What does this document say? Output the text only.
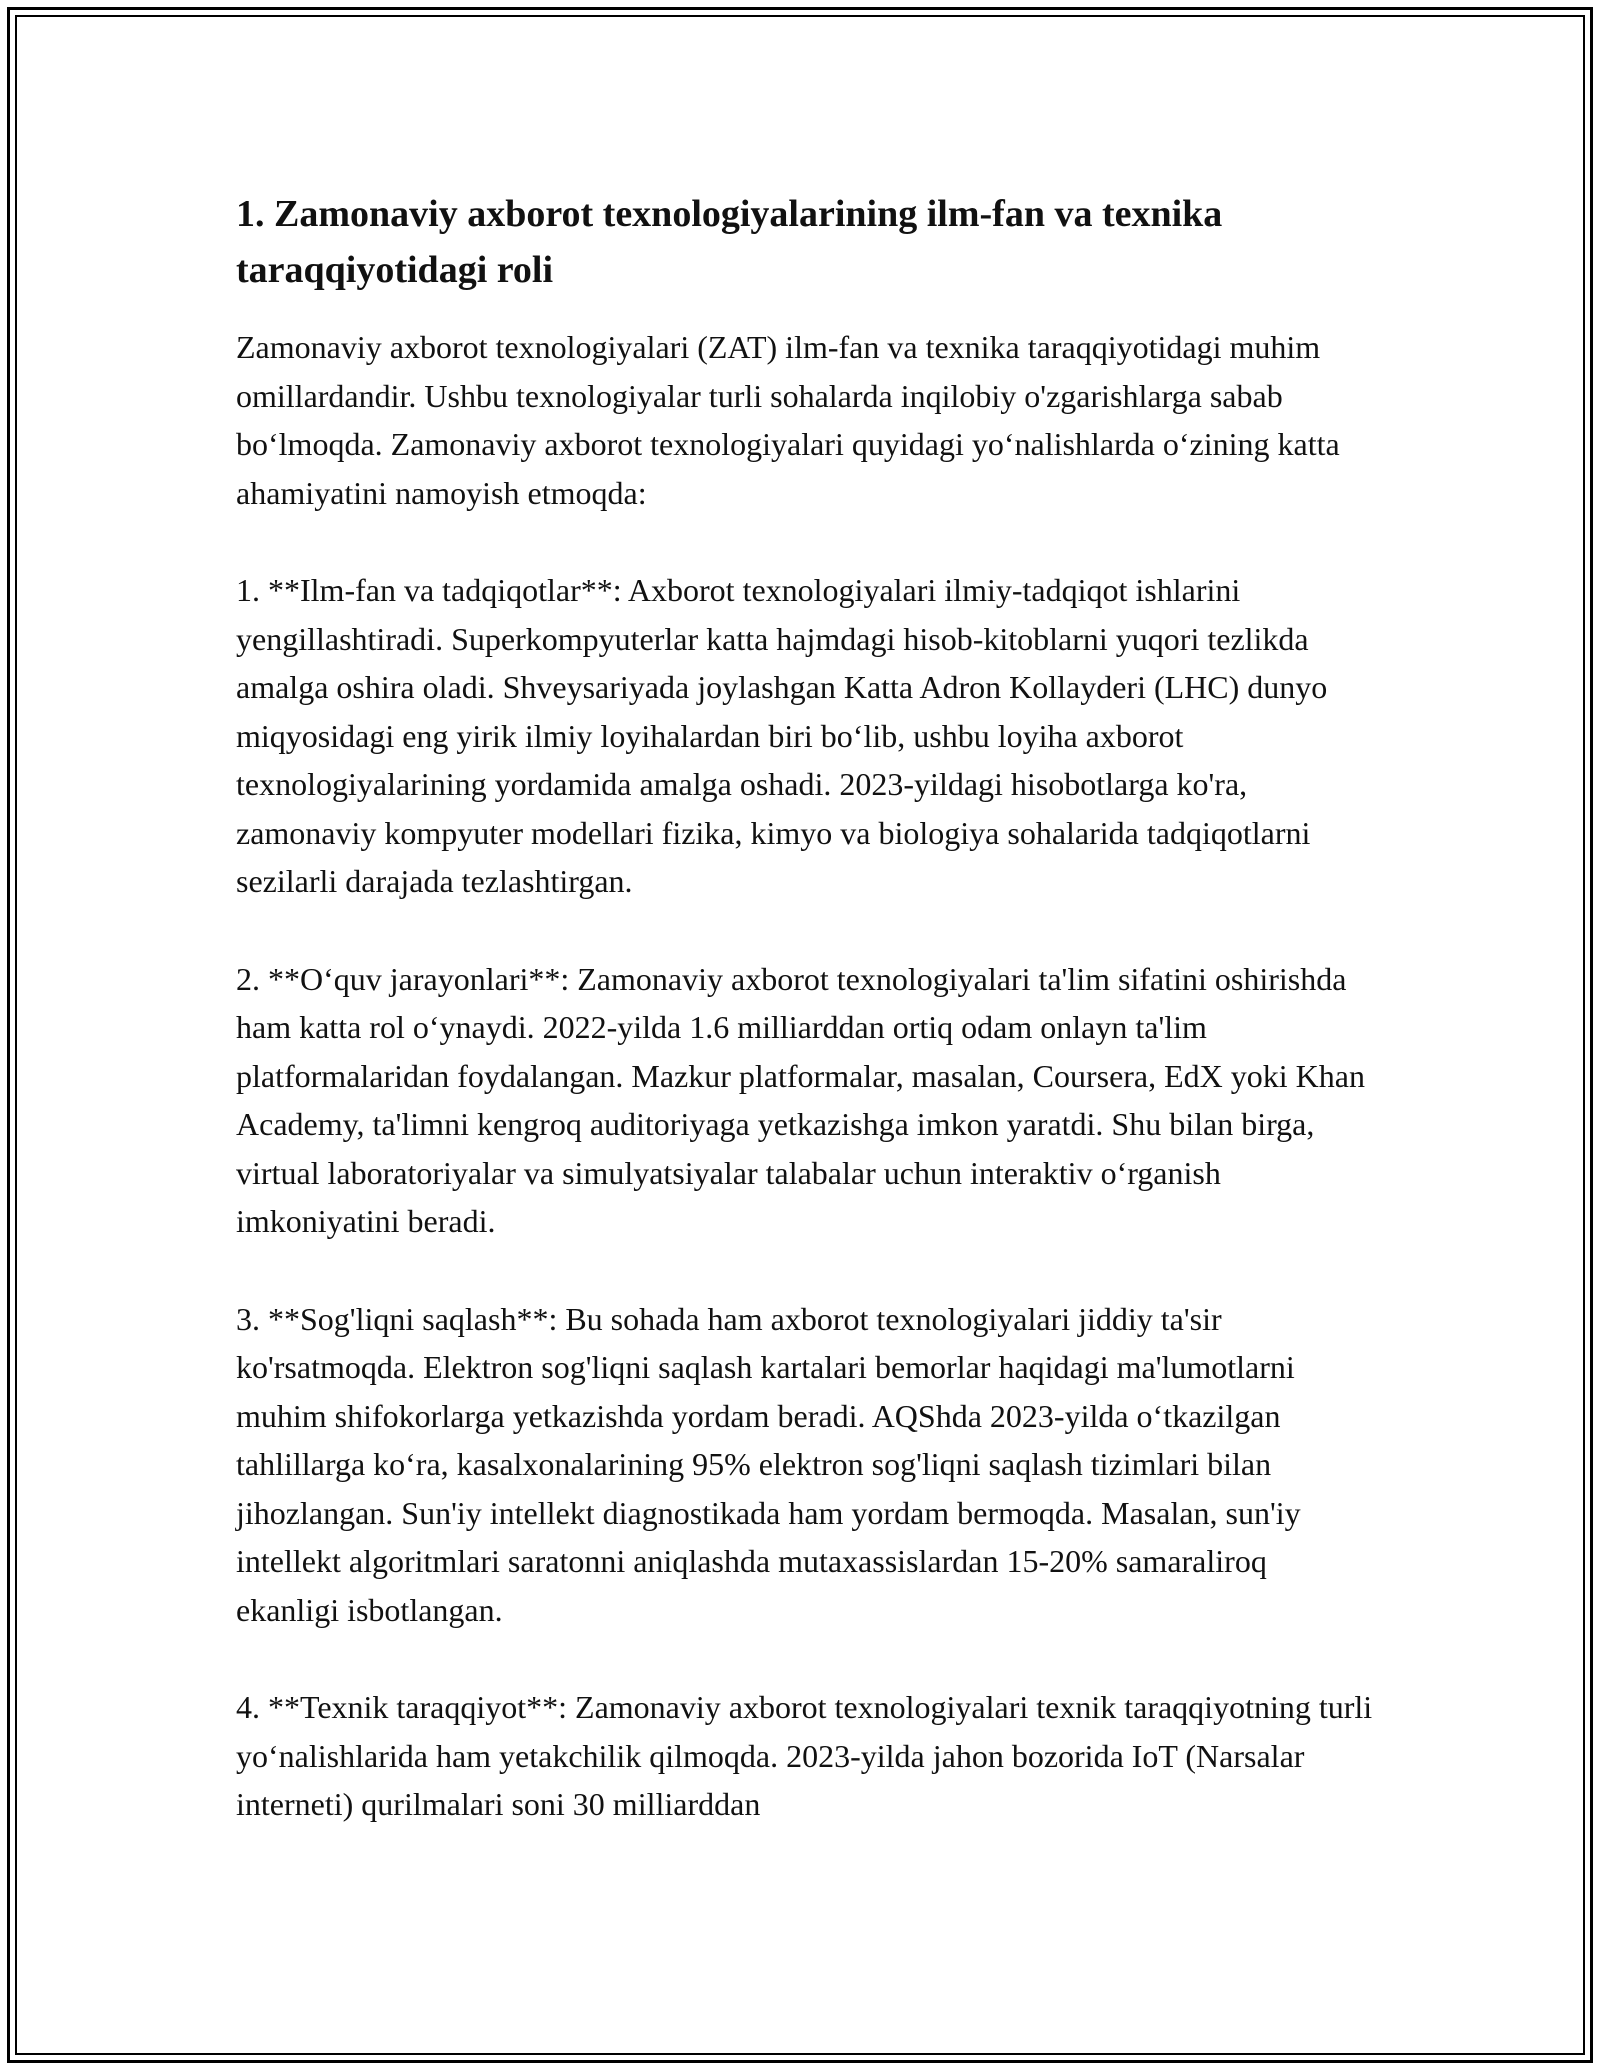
1. Zamonaviy axborot texnologiyalarining ilm-fan va texnika taraqqiyotidagi roli

Zamonaviy axborot texnologiyalari (ZAT) ilm-fan va texnika taraqqiyotidagi muhim omillardandir. Ushbu texnologiyalar turli sohalarda inqilobiy o'zgarishlarga sabab bo‘lmoqda. Zamonaviy axborot texnologiyalari quyidagi yo‘nalishlarda o‘zining katta ahamiyatini namoyish etmoqda:

1. **Ilm-fan va tadqiqotlar**: Axborot texnologiyalari ilmiy-tadqiqot ishlarini yengillashtiradi. Superkompyuterlar katta hajmdagi hisob-kitoblarni yuqori tezlikda amalga oshira oladi. Shveysariyada joylashgan Katta Adron Kollayderi (LHC) dunyo miqyosidagi eng yirik ilmiy loyihalardan biri bo‘lib, ushbu loyiha axborot texnologiyalarining yordamida amalga oshadi. 2023-yildagi hisobotlarga ko'ra, zamonaviy kompyuter modellari fizika, kimyo va biologiya sohalarida tadqiqotlarni sezilarli darajada tezlashtirgan.

2. **O‘quv jarayonlari**: Zamonaviy axborot texnologiyalari ta'lim sifatini oshirishda ham katta rol o‘ynaydi. 2022-yilda 1.6 milliarddan ortiq odam onlayn ta'lim platformalaridan foydalangan. Mazkur platformalar, masalan, Coursera, EdX yoki Khan Academy, ta'limni kengroq auditoriyaga yetkazishga imkon yaratdi. Shu bilan birga, virtual laboratoriyalar va simulyatsiyalar talabalar uchun interaktiv o‘rganish imkoniyatini beradi.

3. **Sog'liqni saqlash**: Bu sohada ham axborot texnologiyalari jiddiy ta'sir ko'rsatmoqda. Elektron sog'liqni saqlash kartalari bemorlar haqidagi ma'lumotlarni muhim shifokorlarga yetkazishda yordam beradi. AQShda 2023-yilda o‘tkazilgan tahlillarga ko‘ra, kasalxonalarining 95% elektron sog'liqni saqlash tizimlari bilan jihozlangan. Sun'iy intellekt diagnostikada ham yordam bermoqda. Masalan, sun'iy intellekt algoritmlari saratonni aniqlashda mutaxassislardan 15-20% samaraliroq ekanligi isbotlangan.

4. **Texnik taraqqiyot**: Zamonaviy axborot texnologiyalari texnik taraqqiyotning turli yo‘nalishlarida ham yetakchilik qilmoqda. 2023-yilda jahon bozorida IoT (Narsalar interneti) qurilmalari soni 30 milliarddan
